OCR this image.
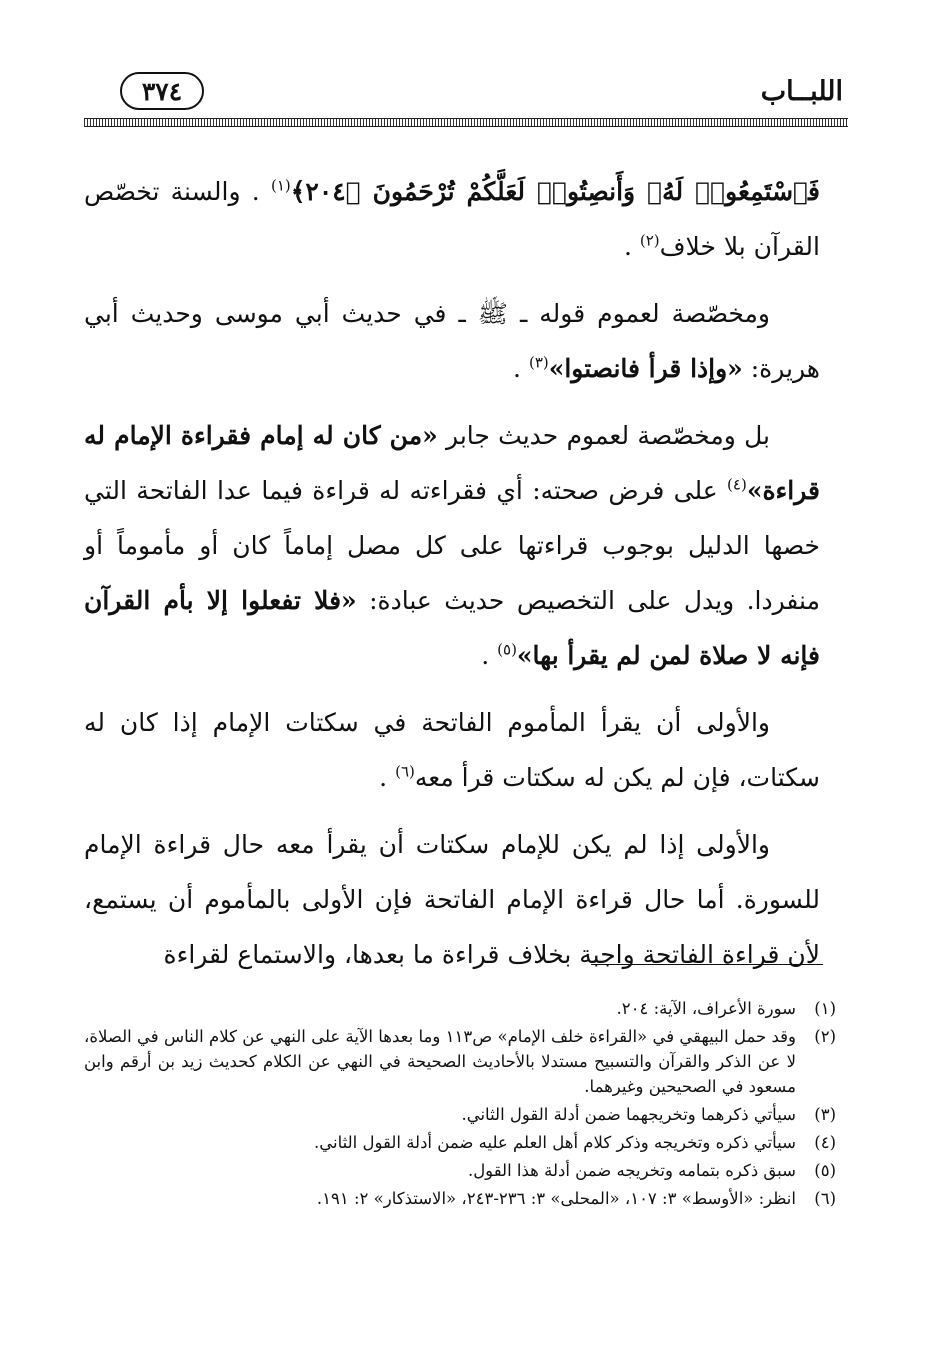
اللبــاب
٣٧٤

فَٱسْتَمِعُوا۟ لَهُۥ وَأَنصِتُوا۟ لَعَلَّكُمْ تُرْحَمُونَ ﴿٢٠٤﴾$^{(١)}$ . والسنة تخصّص القرآن بلا خلاف$^{(٢)}$ .

ومخصّصة لعموم قوله ـ ﷺ ـ في حديث أبي موسى وحديث أبي هريرة: «وإذا قرأ فانصتوا»$^{(٣)}$ .

بل ومخصّصة لعموم حديث جابر «من كان له إمام فقراءة الإمام له قراءة»$^{(٤)}$ على فرض صحته: أي فقراءته له قراءة فيما عدا الفاتحة التي خصها الدليل بوجوب قراءتها على كل مصل إماماً كان أو مأموماً أو منفردا. ويدل على التخصيص حديث عبادة: «فلا تفعلوا إلا بأم القرآن فإنه لا صلاة لمن لم يقرأ بها»$^{(٥)}$ .

والأولى أن يقرأ المأموم الفاتحة في سكتات الإمام إذا كان له سكتات، فإن لم يكن له سكتات قرأ معه$^{(٦)}$ .

والأولى إذا لم يكن للإمام سكتات أن يقرأ معه حال قراءة الإمام للسورة. أما حال قراءة الإمام الفاتحة فإن الأولى بالمأموم أن يستمع، لأن قراءة الفاتحة واجبة بخلاف قراءة ما بعدها، والاستماع لقراءة

(١)
سورة الأعراف، الآية: ٢٠٤.
(٢)
وقد حمل البيهقي في «القراءة خلف الإمام» ص١١٣ وما بعدها الآية على النهي عن كلام الناس في الصلاة، لا عن الذكر والقرآن والتسبيح مستدلا بالأحاديث الصحيحة في النهي عن الكلام كحديث زيد بن أرقم وابن مسعود في الصحيحين وغيرهما.
(٣)
سيأتي ذكرهما وتخريجهما ضمن أدلة القول الثاني.
(٤)
سيأتي ذكره وتخريجه وذكر كلام أهل العلم عليه ضمن أدلة القول الثاني.
(٥)
سبق ذكره بتمامه وتخريجه ضمن أدلة هذا القول.
(٦)
انظر: «الأوسط» ٣: ١٠٧، «المحلى» ٣: ٢٣٦-٢٤٣، «الاستذكار» ٢: ١٩١.
